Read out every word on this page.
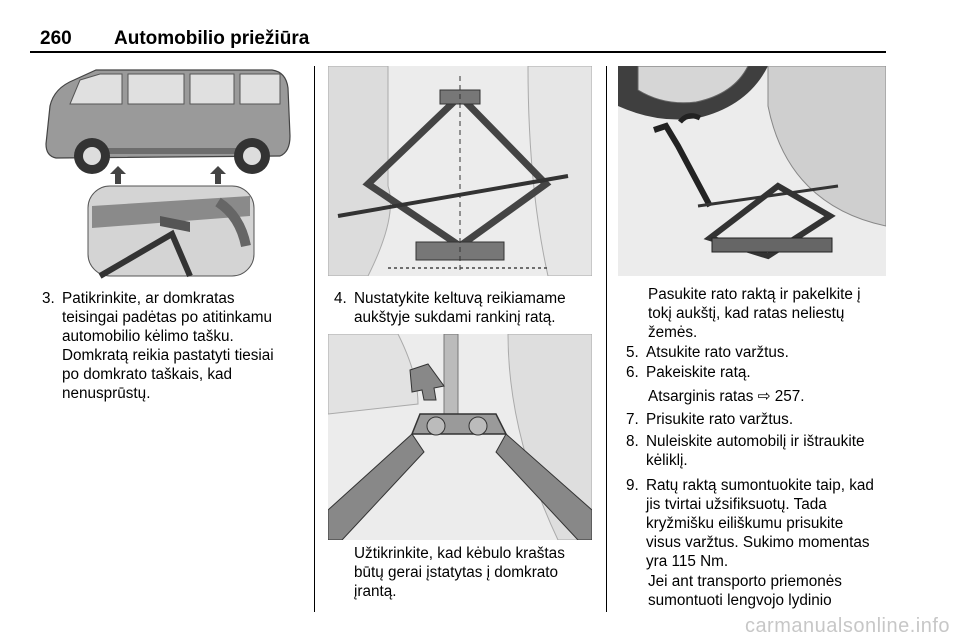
260 Automobilio priežiūra
3. Patikrinkite, ar domkratas
teisingai padėtas po atitinkamu
automobilio kėlimo tašku.
Domkratą reikia pastatyti tiesiai
po domkrato taškais, kad
nenusprūstų.
4. Nustatykite keltuvą reikiamame
aukštyje sukdami rankinį ratą.
Užtikrinkite, kad kėbulo kraštas
būtų gerai įstatytas į domkrato
įrantą.
Pasukite rato raktą ir pakelkite į
tokį aukštį, kad ratas neliestų
žemės.
5. Atsukite rato varžtus.
6. Pakeiskite ratą.
Atsarginis ratas ⇨ 257.
7. Prisukite rato varžtus.
8. Nuleiskite automobilį ir ištraukite
kėliklį.
9. Ratų raktą sumontuokite taip, kad
jis tvirtai užsifiksuotų. Tada
kryžmišku eiliškumu prisukite
visus varžtus. Sukimo momentas
yra 115 Nm.
Jei ant transporto priemonės
sumontuoti lengvojo lydinio
carmanualsonline.info
